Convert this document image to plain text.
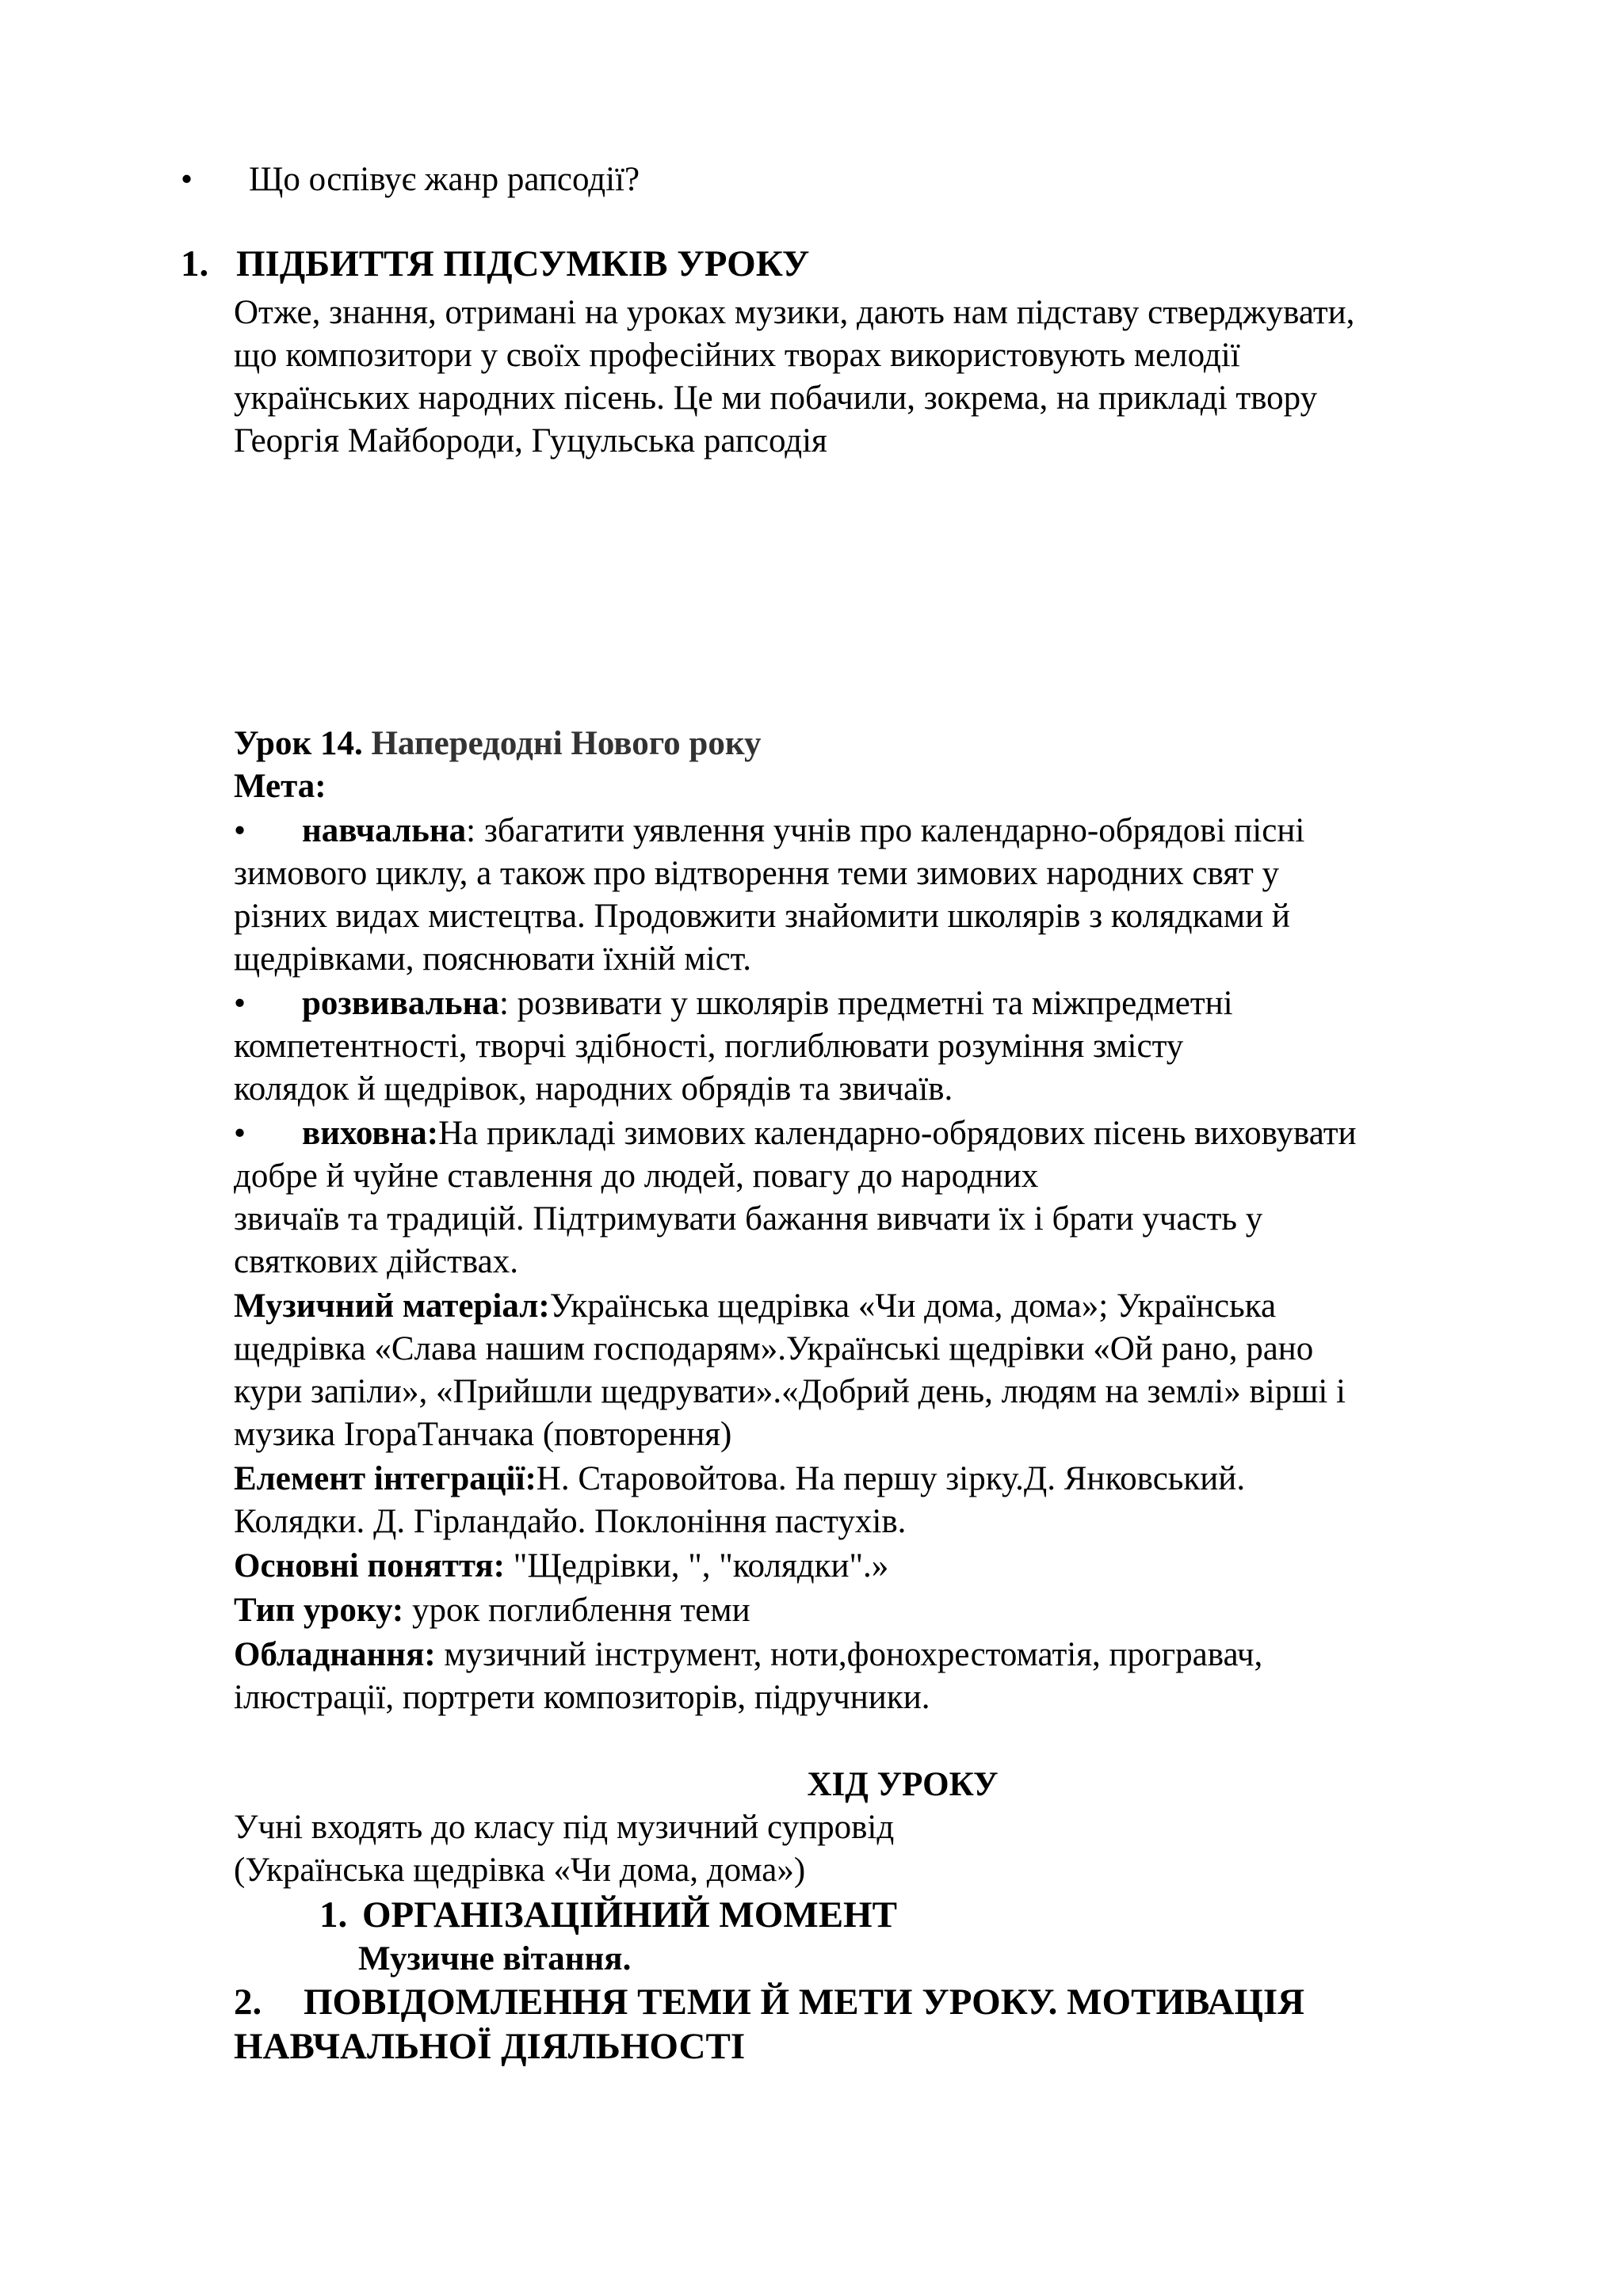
• Що оспівує жанр рапсодії?
1. ПІДБИТТЯ ПІДСУМКІВ УРОКУ
Отже, знання, отримані на уроках музики, дають нам підставу стверджувати,
що композитори у своїх професійних творах використовують мелодії
українських народних пісень. Це ми побачили, зокрема, на прикладі твору
Георгія Майбороди, Гуцульська рапсодія
Урок 14. Напередодні Нового року
Мета:
• навчальна: збагатити уявлення учнів про календарно-обрядові пісні
зимового циклу, а також про відтворення теми зимових народних свят у
різних видах мистецтва. Продовжити знайомити школярів з колядками й
щедрівками, пояснювати їхній міст.
• розвивальна: розвивати у школярів предметні та міжпредметні
компетентності, творчі здібності, поглиблювати розуміння змісту
колядок й щедрівок, народних обрядів та звичаїв.
• виховна:На прикладі зимових календарно-обрядових пісень виховувати
добре й чуйне ставлення до людей, повагу до народних
звичаїв та традицій. Підтримувати бажання вивчати їх і брати участь у
святкових дійствах.
Музичний матеріал:Українська щедрівка «Чи дома, дома»; Українська
щедрівка «Слава нашим господарям».Українські щедрівки «Ой рано, рано
кури запіли», «Прийшли щедрувати».«Добрий день, людям на землі» вірші і
музика ІгораТанчака (повторення)
Елемент інтеграції:Н. Старовойтова. На першу зірку.Д. Янковський.
Колядки. Д. Гірландайо. Поклоніння пастухів.
Основні поняття: "Щедрівки, ", "колядки".»
Тип уроку: урок поглиблення теми
Обладнання: музичний інструмент, ноти,фонохрестоматія, програвач,
ілюстрації, портрети композиторів, підручники.
ХІД УРОКУ
Учні входять до класу під музичний супровід
(Українська щедрівка «Чи дома, дома»)
1. ОРГАНІЗАЦІЙНИЙ МОМЕНТ
Музичне вітання.
2. ПОВІДОМЛЕННЯ ТЕМИ Й МЕТИ УРОКУ. МОТИВАЦІЯ
НАВЧАЛЬНОЇ ДІЯЛЬНОСТІ
